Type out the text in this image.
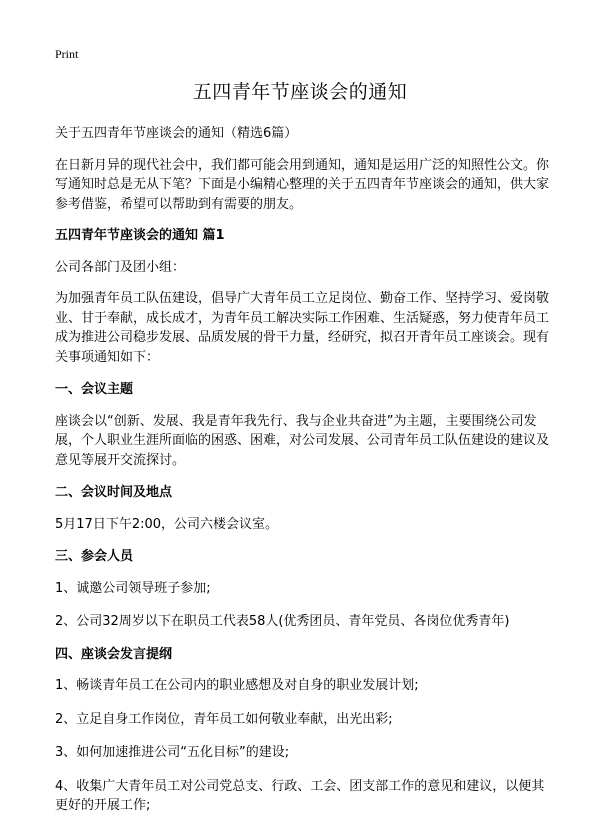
Print
五四青年节座谈会的通知

关于五四青年节座谈会的通知（精选6篇）

在日新月异的现代社会中，我们都可能会用到通知，通知是运用广泛的知照性公文。你写通知时总是无从下笔？下面是小编精心整理的关于五四青年节座谈会的通知，供大家参考借鉴，希望可以帮助到有需要的朋友。

五四青年节座谈会的通知 篇1

公司各部门及团小组：

为加强青年员工队伍建设，倡导广大青年员工立足岗位、勤奋工作、坚持学习、爱岗敬业、甘于奉献，成长成才，为青年员工解决实际工作困难、生活疑惑，努力使青年员工成为推进公司稳步发展、品质发展的骨干力量，经研究，拟召开青年员工座谈会。现有关事项通知如下：

一、会议主题

座谈会以“创新、发展、我是青年我先行、我与企业共奋进”为主题，主要围绕公司发展，个人职业生涯所面临的困惑、困难，对公司发展、公司青年员工队伍建设的建议及意见等展开交流探讨。

二、会议时间及地点

5月17日下午2:00，公司六楼会议室。

三、参会人员

1、诚邀公司领导班子参加;

2、公司32周岁以下在职员工代表58人(优秀团员、青年党员、各岗位优秀青年)

四、座谈会发言提纲

1、畅谈青年员工在公司内的职业感想及对自身的职业发展计划;

2、立足自身工作岗位，青年员工如何敬业奉献，出光出彩;

3、如何加速推进公司“五化目标”的建设;

4、收集广大青年员工对公司党总支、行政、工会、团支部工作的意见和建议，以便其更好的开展工作;
